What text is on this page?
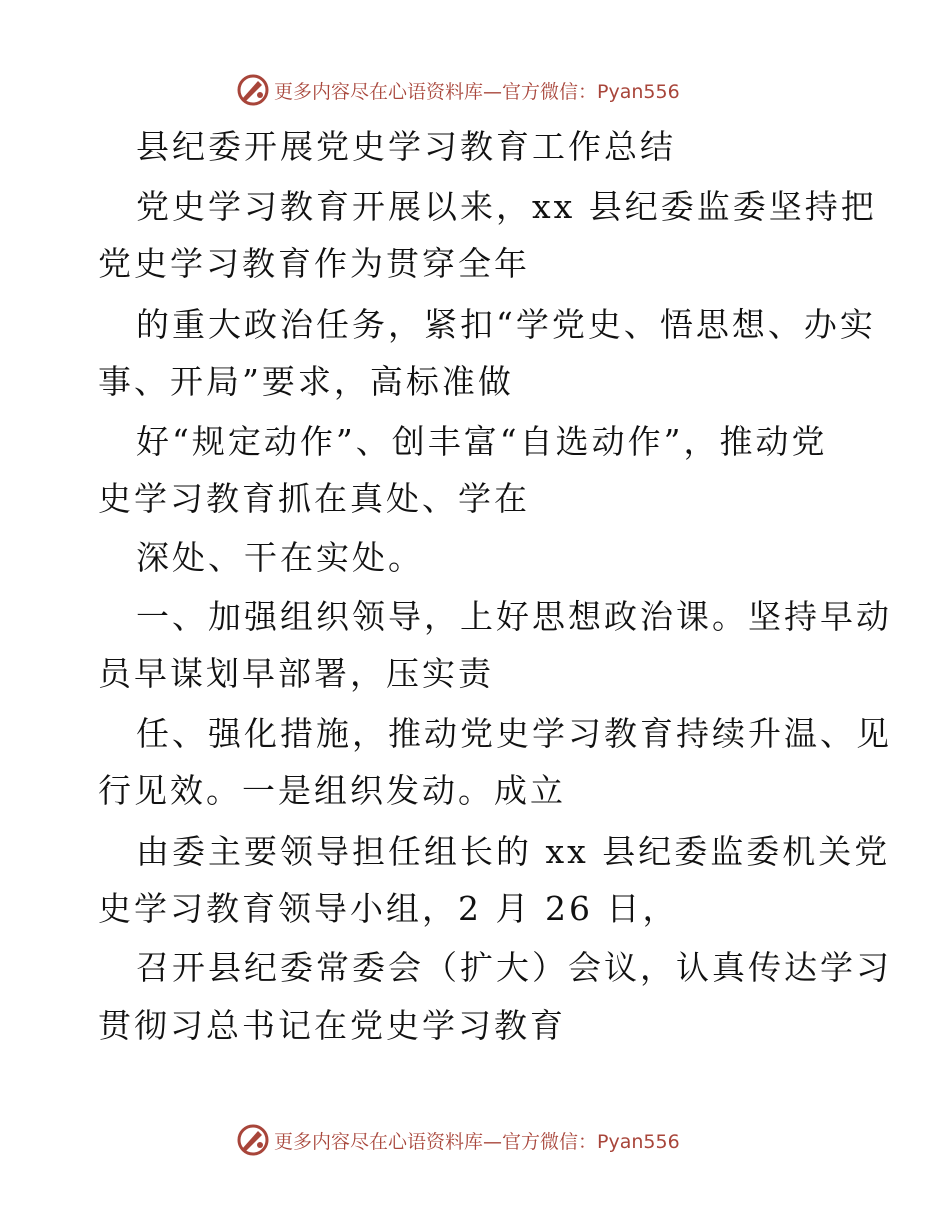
更多内容尽在心语资料库—官方微信：Pyan556
县纪委开展党史学习教育工作总结
党史学习教育开展以来，xx 县纪委监委坚持把
党史学习教育作为贯穿全年
的重大政治任务，紧扣“学党史、悟思想、办实
事、开局”要求，高标准做
好“规定动作”、创丰富“自选动作”，推动党
史学习教育抓在真处、学在
深处、干在实处。
一、加强组织领导，上好思想政治课。坚持早动
员早谋划早部署，压实责
任、强化措施，推动党史学习教育持续升温、见
行见效。一是组织发动。成立
由委主要领导担任组长的 xx 县纪委监委机关党
史学习教育领导小组，2 月 26 日，
召开县纪委常委会（扩大）会议，认真传达学习
贯彻习总书记在党史学习教育
更多内容尽在心语资料库—官方微信：Pyan556
